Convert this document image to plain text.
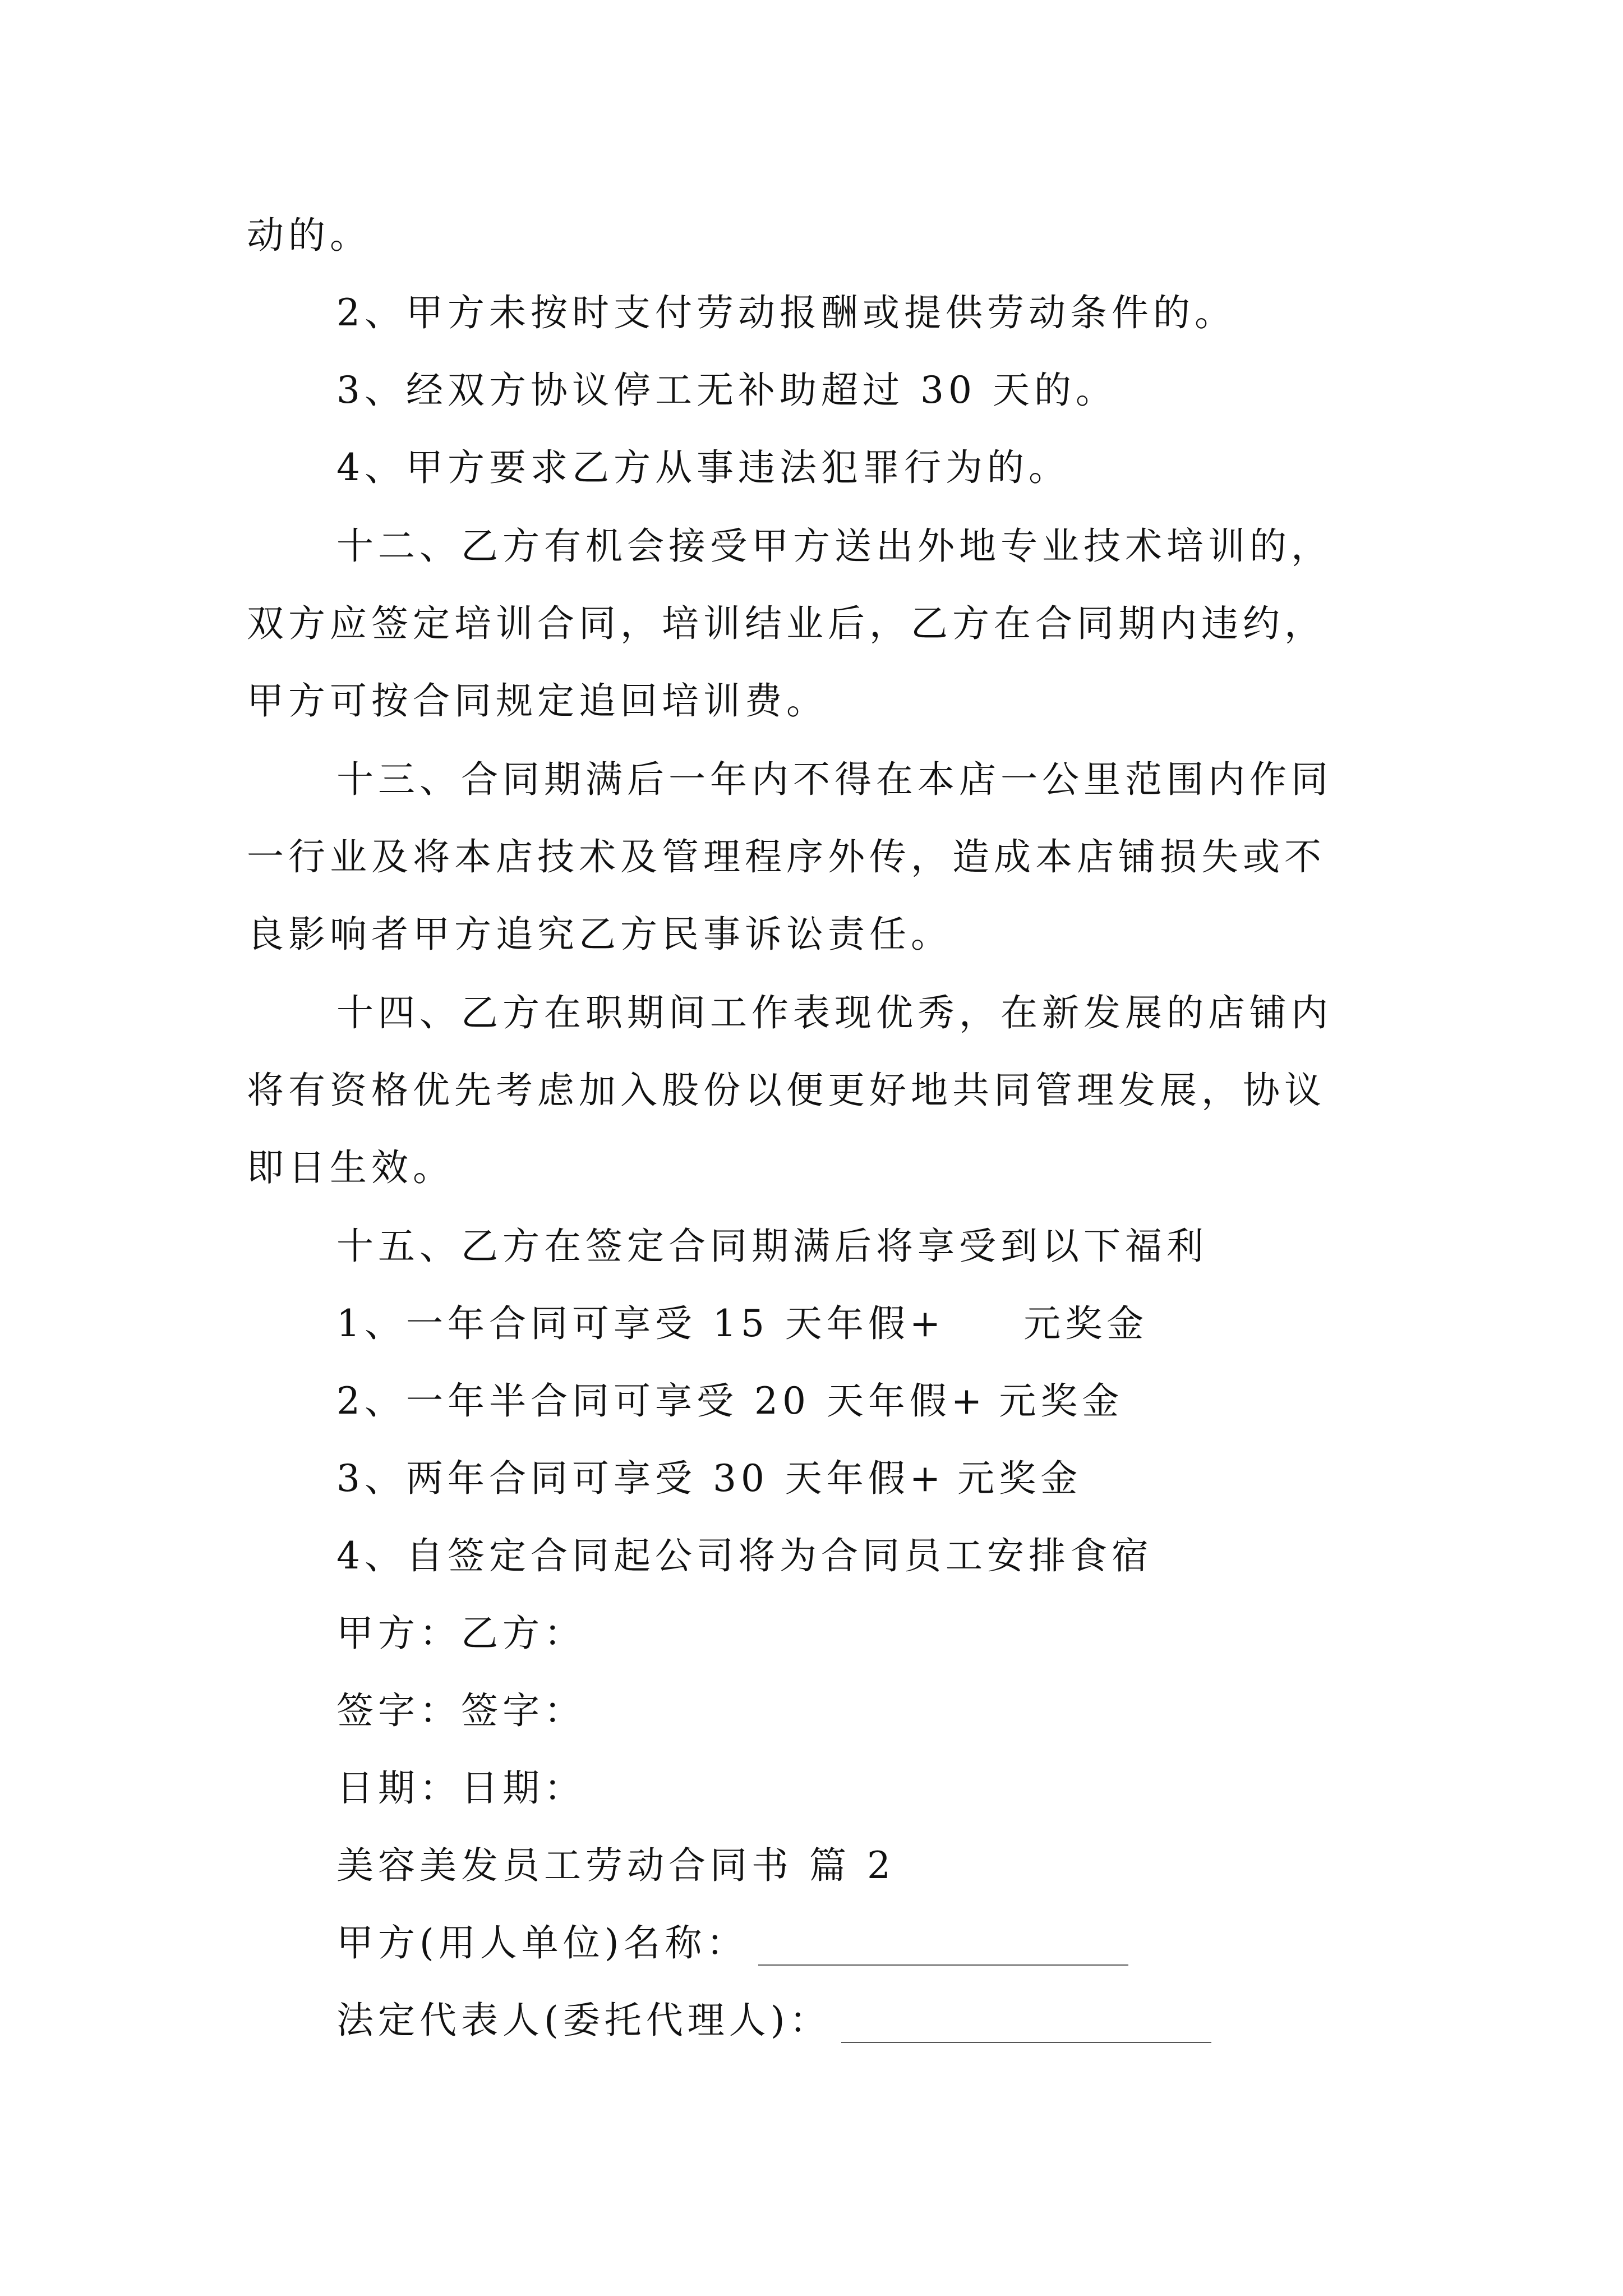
动的。
2、甲方未按时支付劳动报酬或提供劳动条件的。
3、经双方协议停工无补助超过 30 天的。
4、甲方要求乙方从事违法犯罪行为的。
十二、乙方有机会接受甲方送出外地专业技术培训的，
双方应签定培训合同，培训结业后，乙方在合同期内违约，
甲方可按合同规定追回培训费。
十三、合同期满后一年内不得在本店一公里范围内作同
一行业及将本店技术及管理程序外传，造成本店铺损失或不
良影响者甲方追究乙方民事诉讼责任。
十四、乙方在职期间工作表现优秀，在新发展的店铺内
将有资格优先考虑加入股份以便更好地共同管理发展，协议
即日生效。
十五、乙方在签定合同期满后将享受到以下福利
1、一年合同可享受 15 天年假+ 元奖金
2、一年半合同可享受 20 天年假+ 元奖金
3、两年合同可享受 30 天年假+ 元奖金
4、自签定合同起公司将为合同员工安排食宿
甲方：乙方：
签字：签字：
日期：日期：
美容美发员工劳动合同书 篇 2
甲方(用人单位)名称：
法定代表人(委托代理人)：
